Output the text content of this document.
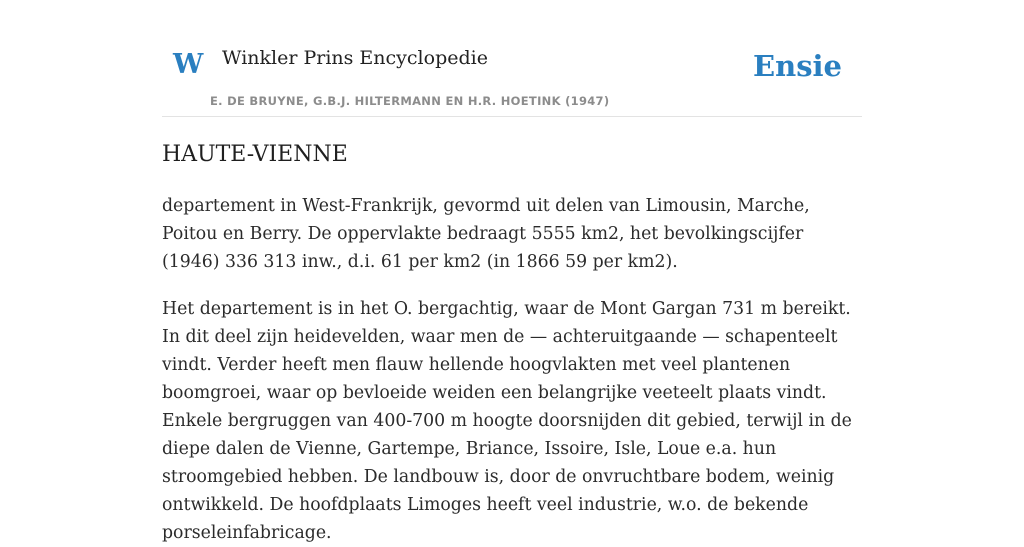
W Winkler Prins Encyclopedie
E. DE BRUYNE, G.B.J. HILTERMANN EN H.R. HOETINK (1947)
Ensie
HAUTE-VIENNE

departement in West-Frankrijk, gevormd uit delen van Limousin, Marche, Poitou en Berry. De oppervlakte bedraagt 5555 km2, het bevolkingscijfer (1946) 336 313 inw., d.i. 61 per km2 (in 1866 59 per km2).

Het departement is in het O. bergachtig, waar de Mont Gargan 731 m bereikt. In dit deel zijn heidevelden, waar men de — achteruitgaande — schapenteelt vindt. Verder heeft men flauw hellende hoogvlakten met veel plantenen boomgroei, waar op bevloeide weiden een belangrijke veeteelt plaats vindt. Enkele bergruggen van 400-700 m hoogte doorsnijden dit gebied, terwijl in de diepe dalen de Vienne, Gartempe, Briance, Issoire, Isle, Loue e.a. hun stroomgebied hebben. De landbouw is, door de onvruchtbare bodem, weinig ontwikkeld. De hoofdplaats Limoges heeft veel industrie, w.o. de bekende porseleinfabricage.
